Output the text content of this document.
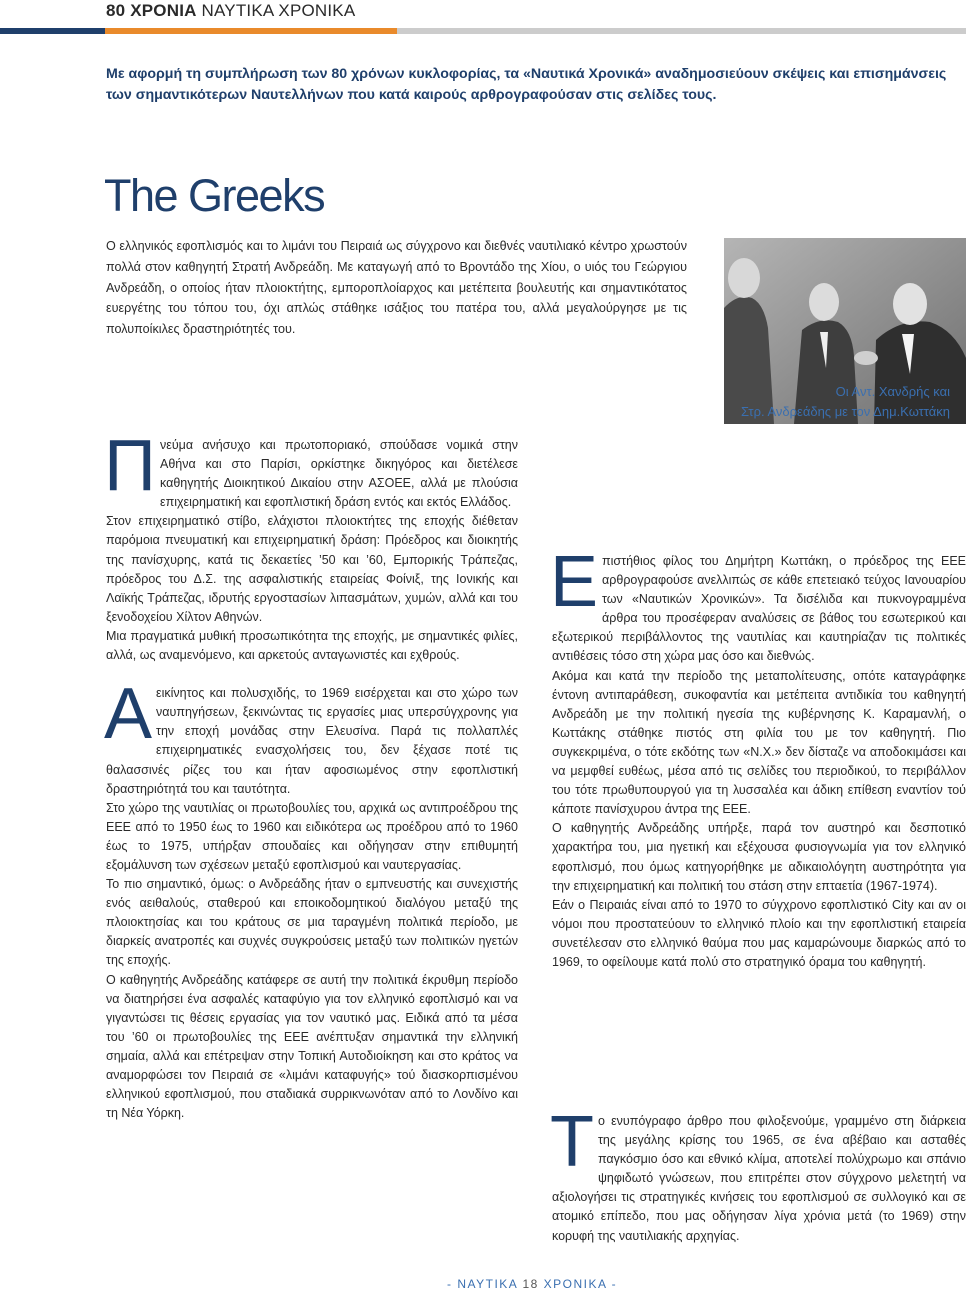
80 ΧΡΟΝΙΑ ΝΑΥΤΙΚΑ ΧΡΟΝΙΚΑ
Με αφορμή τη συμπλήρωση των 80 χρόνων κυκλοφορίας, τα «Ναυτικά Χρονικά» αναδημοσιεύουν σκέψεις και επισημάνσεις των σημαντικότερων Ναυτελλήνων που κατά καιρούς αρθρογραφούσαν στις σελίδες τους.
The Greeks
Ο ελληνικός εφοπλισμός και το λιμάνι του Πειραιά ως σύγχρονο και διεθνές ναυτιλιακό κέντρο χρωστούν πολλά στον καθηγητή Στρατή Ανδρεάδη. Με καταγωγή από το Βροντάδο της Χίου, ο υιός του Γεώργιου Ανδρεάδη, ο οποίος ήταν πλοιοκτήτης, εμποροπλοίαρχος και μετέπειτα βουλευτής και σημαντικότατος ευεργέτης του τόπου του, όχι απλώς στάθηκε ισάξιος του πατέρα του, αλλά μεγαλούργησε με τις πολυποίκιλες δραστηριότητές του.
Οι Αντ. Χανδρής και
Στρ. Ανδρεάδης με τον Δημ.Κωττάκη

Πνεύμα ανήσυχο και πρωτοποριακό, σπούδασε νομικά στην Αθήνα και στο Παρίσι, ορκίστηκε δικηγόρος και διετέλεσε καθηγητής Διοικητικού Δικαίου στην ΑΣΟΕΕ, αλλά με πλούσια επιχειρηματική και εφοπλιστική δράση εντός και εκτός Ελλάδος.

Στον επιχειρηματικό στίβο, ελάχιστοι πλοιοκτήτες της εποχής διέθεταν παρόμοια πνευματική και επιχειρηματική δράση: Πρόεδρος και διοικητής της πανίσχυρης, κατά τις δεκαετίες ’50 και ’60, Εμπορικής Τράπεζας, πρόεδρος του Δ.Σ. της ασφαλιστικής εταιρείας Φοίνιξ, της Ιονικής και Λαϊκής Τράπεζας, ιδρυτής εργοστασίων λιπασμάτων, χυμών, αλλά και του ξενοδοχείου Χίλτον Αθηνών.

Μια πραγματικά μυθική προσωπικότητα της εποχής, με σημαντικές φιλίες, αλλά, ως αναμενόμενο, και αρκετούς ανταγωνιστές και εχθρούς.

Αεικίνητος και πολυσχιδής, το 1969 εισέρχεται και στο χώρο των ναυπηγήσεων, ξεκινώντας τις εργασίες μιας υπερσύγχρονης για την εποχή μονάδας στην Ελευσίνα. Παρά τις πολλαπλές επιχειρηματικές ενασχολήσεις του, δεν ξέχασε ποτέ τις θαλασσινές ρίζες του και ήταν αφοσιωμένος στην εφοπλιστική δραστηριότητά του και ταυτότητα.

Στο χώρο της ναυτιλίας οι πρωτοβουλίες του, αρχικά ως αντιπροέδρου της ΕΕΕ από το 1950 έως το 1960 και ειδικότερα ως προέδρου από το 1960 έως το 1975, υπήρξαν σπουδαίες και οδήγησαν στην επιθυμητή εξομάλυνση των σχέσεων μεταξύ εφοπλισμού και ναυτεργασίας.

Το πιο σημαντικό, όμως: ο Ανδρεάδης ήταν ο εμπνευστής και συνεχιστής ενός αειθαλούς, σταθερού και εποικοδομητικού διαλόγου μεταξύ της πλοιοκτησίας και του κράτους σε μια ταραγμένη πολιτικά περίοδο, με διαρκείς ανατροπές και συχνές συγκρούσεις μεταξύ των πολιτικών ηγετών της εποχής.

Ο καθηγητής Ανδρεάδης κατάφερε σε αυτή την πολιτικά έκρυθμη περίοδο να διατηρήσει ένα ασφαλές καταφύγιο για τον ελληνικό εφοπλισμό και να γιγαντώσει τις θέσεις εργασίας για τον ναυτικό μας. Ειδικά από τα μέσα του ’60 οι πρωτοβουλίες της ΕΕΕ ανέπτυξαν σημαντικά την ελληνική σημαία, αλλά και επέτρεψαν στην Τοπική Αυτοδιοίκηση και στο κράτος να αναμορφώσει τον Πειραιά σε «λιμάνι καταφυγής» τού διασκορπισμένου ελληνικού εφοπλισμού, που σταδιακά συρρικνωνόταν από το Λονδίνο και τη Νέα Υόρκη.

Επιστήθιος φίλος του Δημήτρη Κωττάκη, ο πρόεδρος της ΕΕΕ αρθρογραφούσε ανελλιπώς σε κάθε επετειακό τεύχος Ιανουαρίου των «Ναυτικών Χρονικών». Τα δισέλιδα και πυκνογραμμένα άρθρα του προσέφεραν αναλύσεις σε βάθος του εσωτερικού και εξωτερικού περιβάλλοντος της ναυτιλίας και καυτηρίαζαν τις πολιτικές αντιθέσεις τόσο στη χώρα μας όσο και διεθνώς.

Ακόμα και κατά την περίοδο της μεταπολίτευσης, οπότε καταγράφηκε έντονη αντιπαράθεση, συκοφαντία και μετέπειτα αντιδικία του καθηγητή Ανδρεάδη με την πολιτική ηγεσία της κυβέρνησης Κ. Καραμανλή, ο Κωττάκης στάθηκε πιστός στη φιλία του με τον καθηγητή. Πιο συγκεκριμένα, ο τότε εκδότης των «Ν.Χ.» δεν δίσταζε να αποδοκιμάσει και να μεμφθεί ευθέως, μέσα από τις σελίδες του περιοδικού, το περιβάλλον του τότε πρωθυπουργού για τη λυσσαλέα και άδικη επίθεση εναντίον τού κάποτε πανίσχυρου άντρα της ΕΕΕ.

Ο καθηγητής Ανδρεάδης υπήρξε, παρά τον αυστηρό και δεσποτικό χαρακτήρα του, μια ηγετική και εξέχουσα φυσιογνωμία για τον ελληνικό εφοπλισμό, που όμως κατηγορήθηκε με αδικαιολόγητη αυστηρότητα για την επιχειρηματική και πολιτική του στάση στην επταετία (1967-1974).

Εάν ο Πειραιάς είναι από το 1970 το σύγχρονο εφοπλιστικό City και αν οι νόμοι που προστατεύουν το ελληνικό πλοίο και την εφοπλιστική εταιρεία συνετέλεσαν στο ελληνικό θαύμα που μας καμαρώνουμε διαρκώς από το 1969, το οφείλουμε κατά πολύ στο στρατηγικό όραμα του καθηγητή.

Το ενυπόγραφο άρθρο που φιλοξενούμε, γραμμένο στη διάρκεια της μεγάλης κρίσης του 1965, σε ένα αβέβαιο και ασταθές παγκόσμιο όσο και εθνικό κλίμα, αποτελεί πολύχρωμο και σπάνιο ψηφιδωτό γνώσεων, που επιτρέπει στον σύγχρονο μελετητή να αξιολογήσει τις στρατηγικές κινήσεις του εφοπλισμού σε συλλογικό και σε ατομικό επίπεδο, που μας οδήγησαν λίγα χρόνια μετά (το 1969) στην κορυφή της ναυτιλιακής αρχηγίας.

- ΝΑΥΤΙΚΑ 18 ΧΡΟΝΙΚΑ -
